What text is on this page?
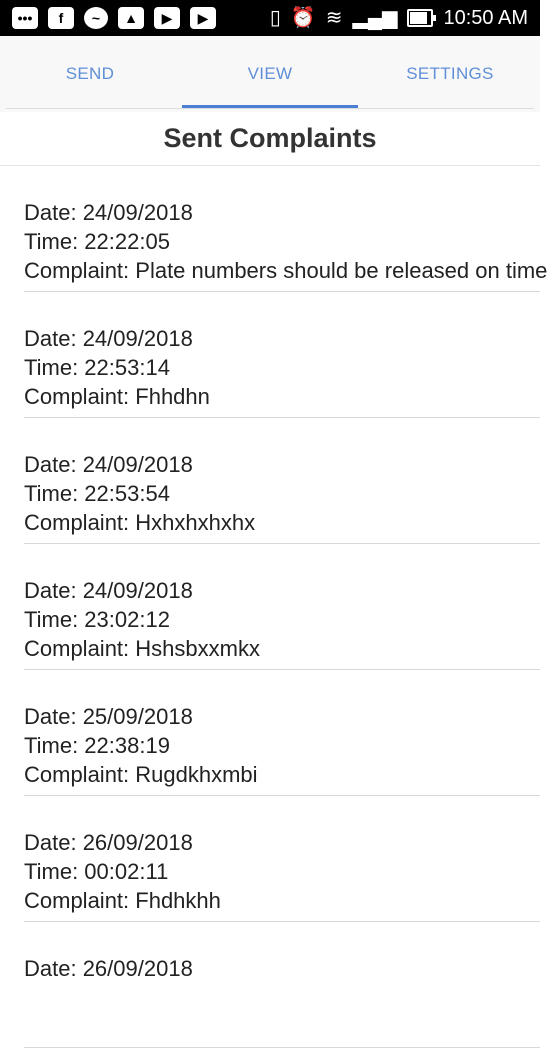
•••	f	~	▲	▶	▶	▯ ⏰ ≋ ▂▄▆ 10:50 AM
SEND	VIEW	SETTINGS
Sent Complaints
Date: 24/09/2018
Time: 22:22:05
Complaint: Plate numbers should be released on time
Date: 24/09/2018
Time: 22:53:14
Complaint: Fhhdhn
Date: 24/09/2018
Time: 22:53:54
Complaint: Hxhxhxhxhx
Date: 24/09/2018
Time: 23:02:12
Complaint: Hshsbxxmkx
Date: 25/09/2018
Time: 22:38:19
Complaint: Rugdkhxmbi
Date: 26/09/2018
Time: 00:02:11
Complaint: Fhdhkhh
Date: 26/09/2018
